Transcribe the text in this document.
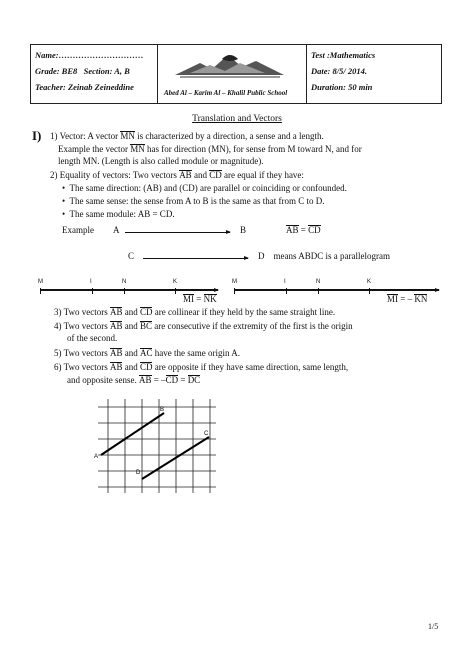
Name:…………………………
Grade: BE8 Section: A, B
Teacher: Zeinab Zeineddine

Abed Al – Karim Al – Khalil Public School

Test :Mathematics
Date: 8/5/ 2014.
Duration: 50 min
Translation and Vectors
I) 1) Vector: A vector MN is characterized by a direction, a sense and a length.
Example the vector MN has for direction (MN), for sense from M toward N, and for
length MN. (Length is also called module or magnitude).
2) Equality of vectors: Two vectors AB and CD are equal if they have:
• The same direction: (AB) and (CD) are parallel or coinciding or confounded.
• The same sense: the sense from A to B is the same as that from C to D.
• The same module: AB = CD.
Example A	B	AB = CD
C	D means ABDC is a parallelogram
M	I	N	K	M	I	N	K
MI = NK	MI = – KN
3) Two vectors AB and CD are collinear if they held by the same straight line.
4) Two vectors AB and BC are consecutive if the extremity of the first is the origin
of the second.
5) Two vectors AB and AC have the same origin A.
6) Two vectors AB and CD are opposite if they have same direction, same length,
and opposite sense. AB = –CD = DC
A
B
C
D
1/5
